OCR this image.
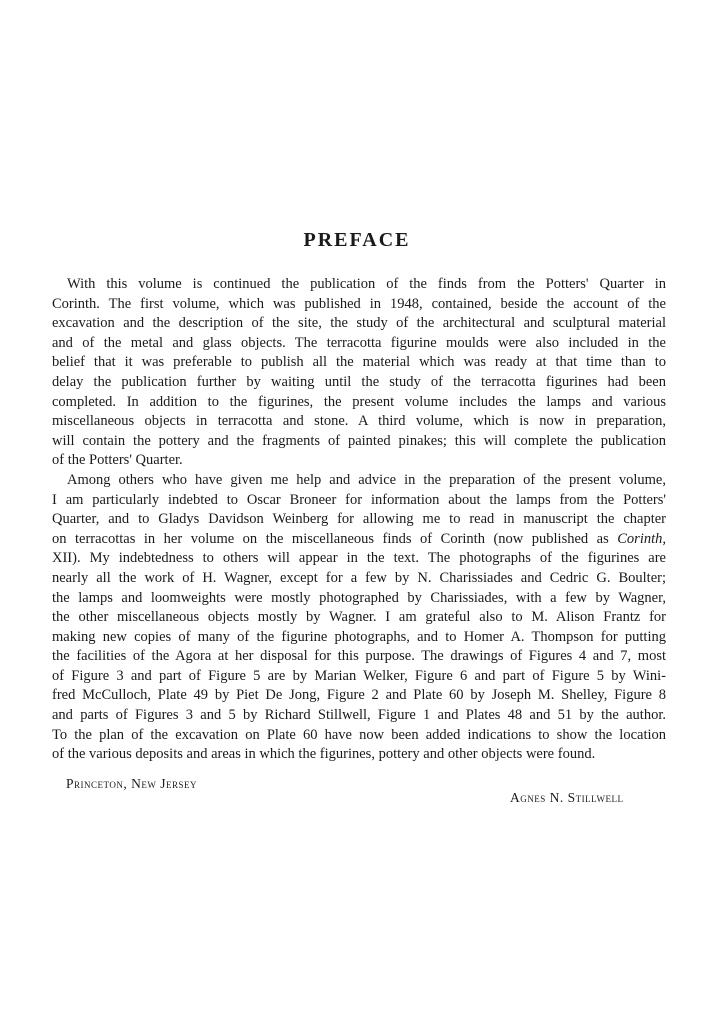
PREFACE
With this volume is continued the publication of the finds from the Potters' Quarter in
Corinth. The first volume, which was published in 1948, contained, beside the account of the
excavation and the description of the site, the study of the architectural and sculptural material
and of the metal and glass objects. The terracotta figurine moulds were also included in the
belief that it was preferable to publish all the material which was ready at that time than to
delay the publication further by waiting until the study of the terracotta figurines had been
completed. In addition to the figurines, the present volume includes the lamps and various
miscellaneous objects in terracotta and stone. A third volume, which is now in preparation,
will contain the pottery and the fragments of painted pinakes; this will complete the publication
of the Potters' Quarter.
Among others who have given me help and advice in the preparation of the present volume,
I am particularly indebted to Oscar Broneer for information about the lamps from the Potters'
Quarter, and to Gladys Davidson Weinberg for allowing me to read in manuscript the chapter
on terracottas in her volume on the miscellaneous finds of Corinth (now published as Corinth,
XII). My indebtedness to others will appear in the text. The photographs of the figurines are
nearly all the work of H. Wagner, except for a few by N. Charissiades and Cedric G. Boulter;
the lamps and loomweights were mostly photographed by Charissiades, with a few by Wagner,
the other miscellaneous objects mostly by Wagner. I am grateful also to M. Alison Frantz for
making new copies of many of the figurine photographs, and to Homer A. Thompson for putting
the facilities of the Agora at her disposal for this purpose. The drawings of Figures 4 and 7, most
of Figure 3 and part of Figure 5 are by Marian Welker, Figure 6 and part of Figure 5 by Wini-
fred McCulloch, Plate 49 by Piet De Jong, Figure 2 and Plate 60 by Joseph M. Shelley, Figure 8
and parts of Figures 3 and 5 by Richard Stillwell, Figure 1 and Plates 48 and 51 by the author.
To the plan of the excavation on Plate 60 have now been added indications to show the location
of the various deposits and areas in which the figurines, pottery and other objects were found.
Princeton, New Jersey
Agnes N. Stillwell
